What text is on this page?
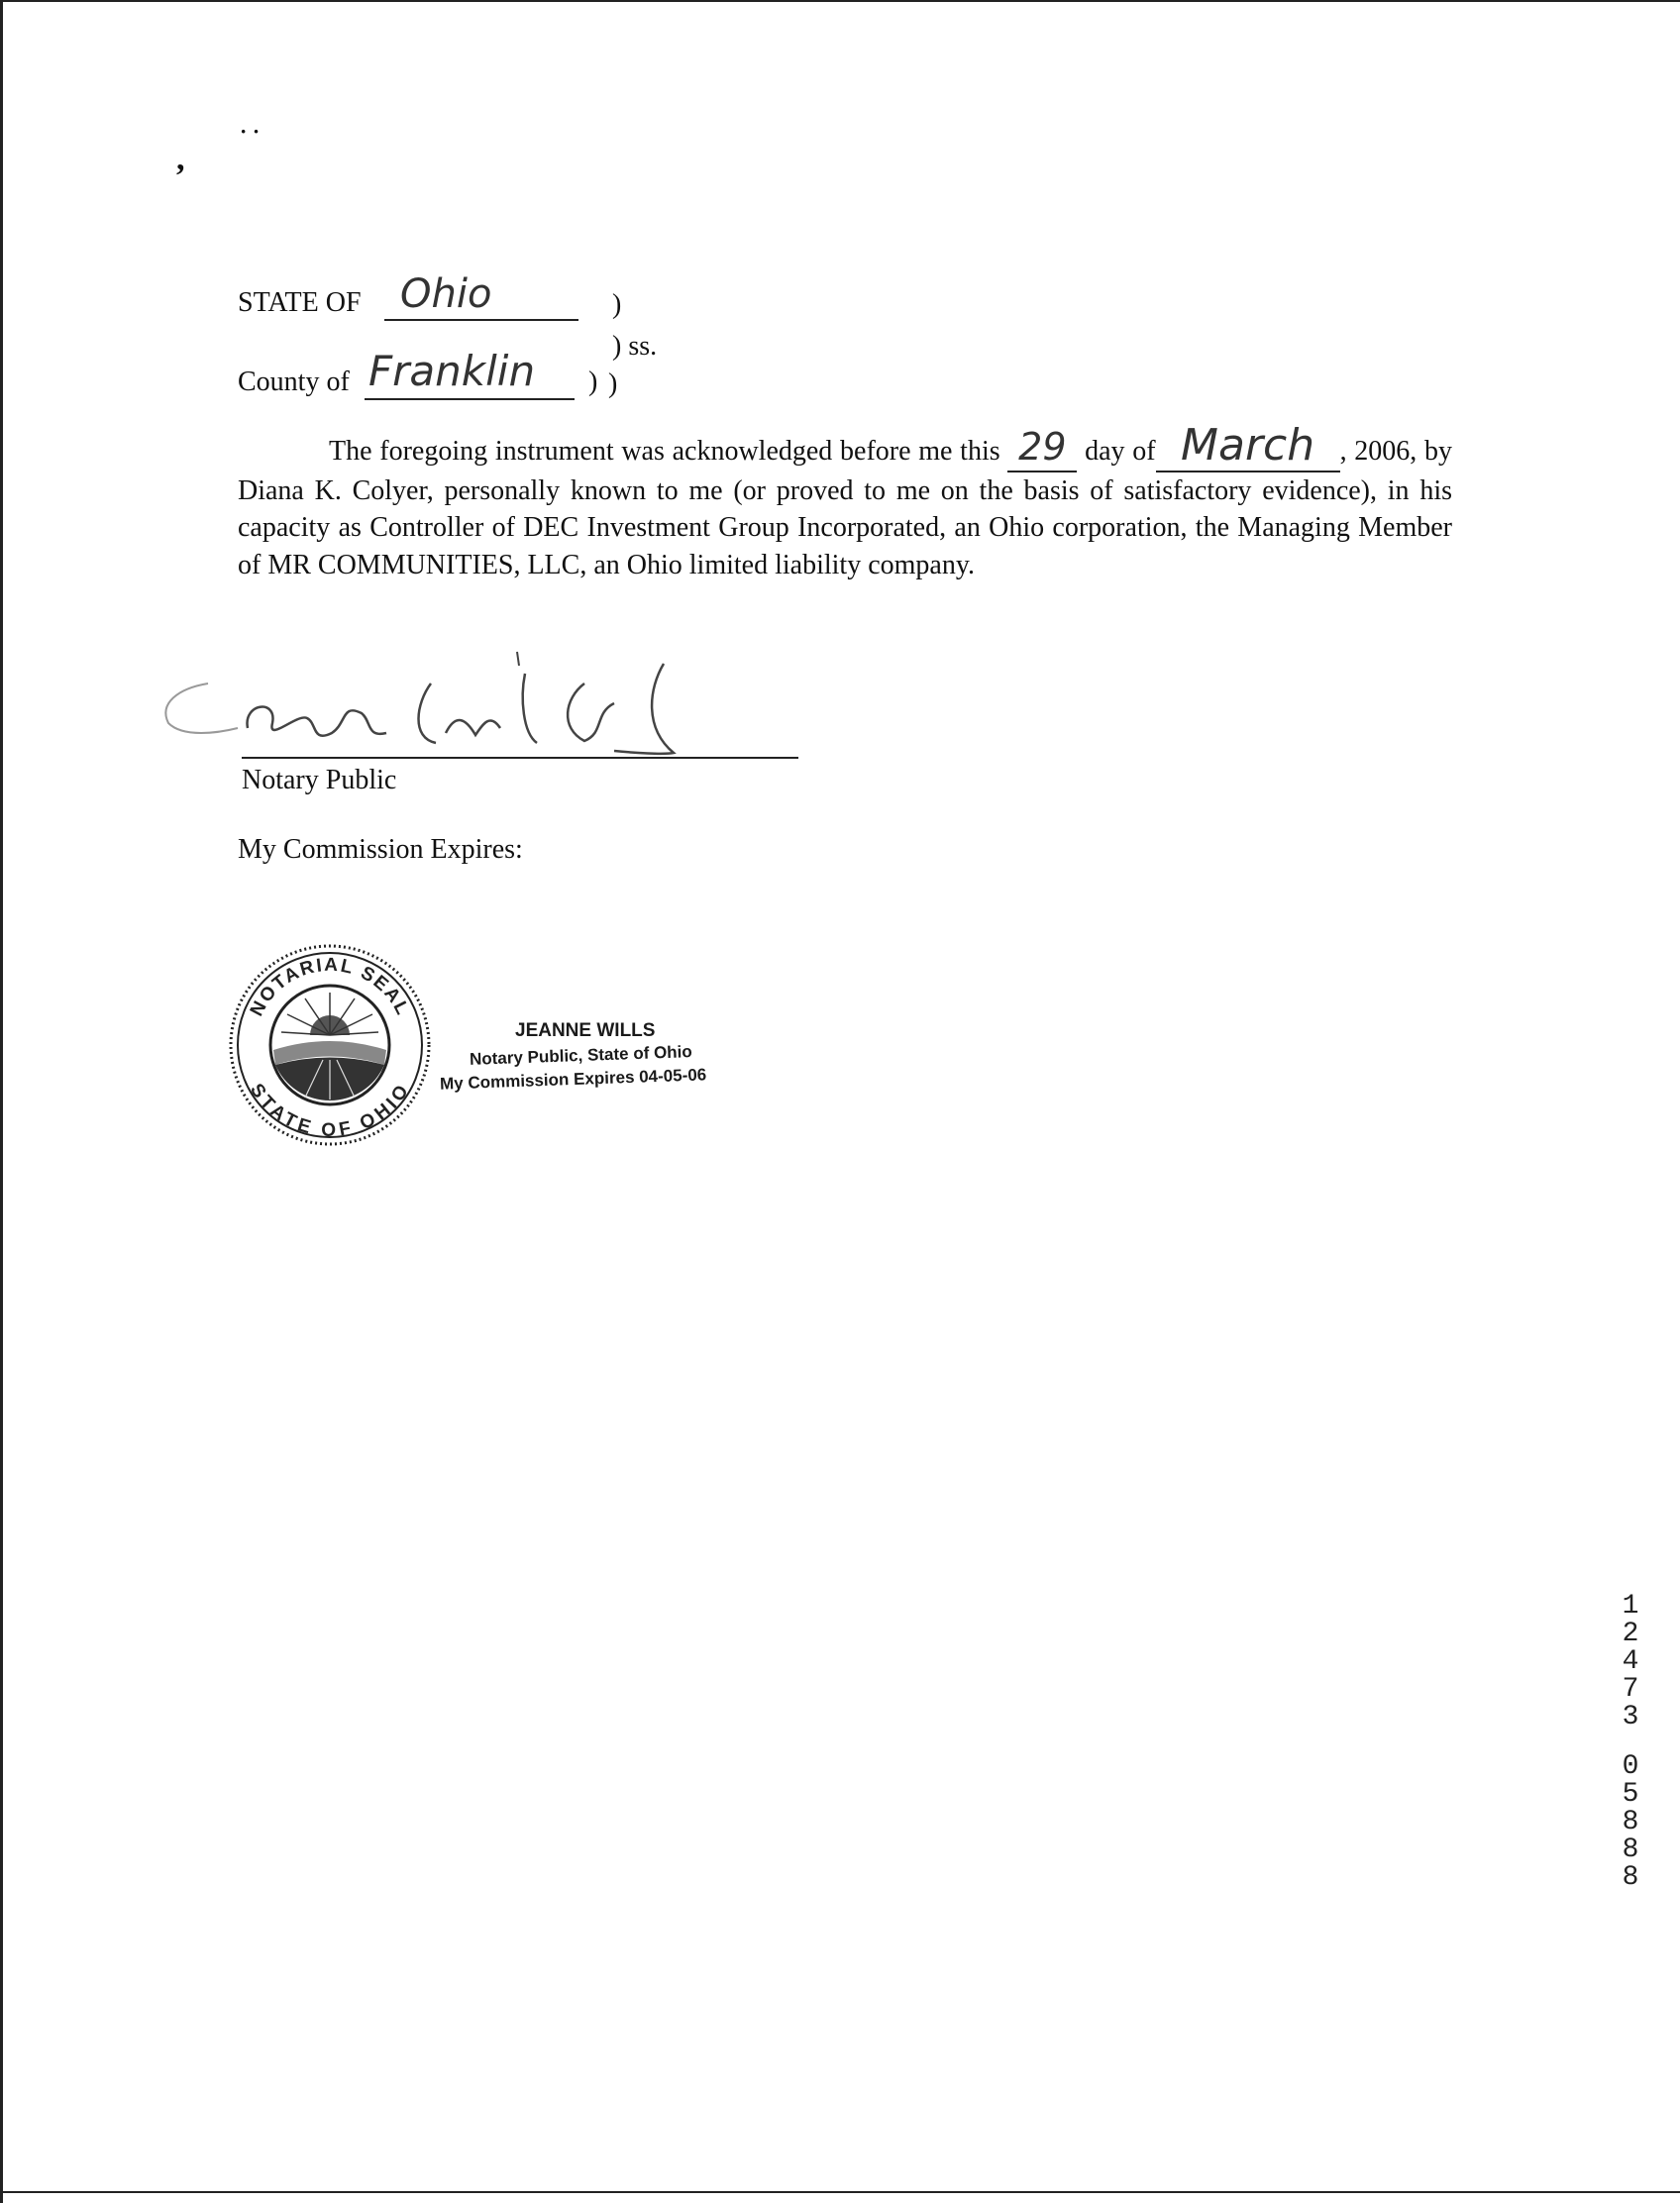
,
· ·
STATE OF Ohio	)
) ss.
County of Franklin ) )
The foregoing instrument was acknowledged before me this 29 day of March , 2006, by Diana K. Colyer, personally known to me (or proved to me on the basis of satisfactory evidence), in his capacity as Controller of DEC Investment Group Incorporated, an Ohio corporation, the Managing Member of MR COMMUNITIES, LLC, an Ohio limited liability company.
Notary Public
My Commission Expires:
NOTARIAL SEAL
STATE OF OHIO
JEANNE WILLS
Notary Public, State of Ohio
My Commission Expires 04-05-06
1
2
4
7
3
0
5
8
8
8
